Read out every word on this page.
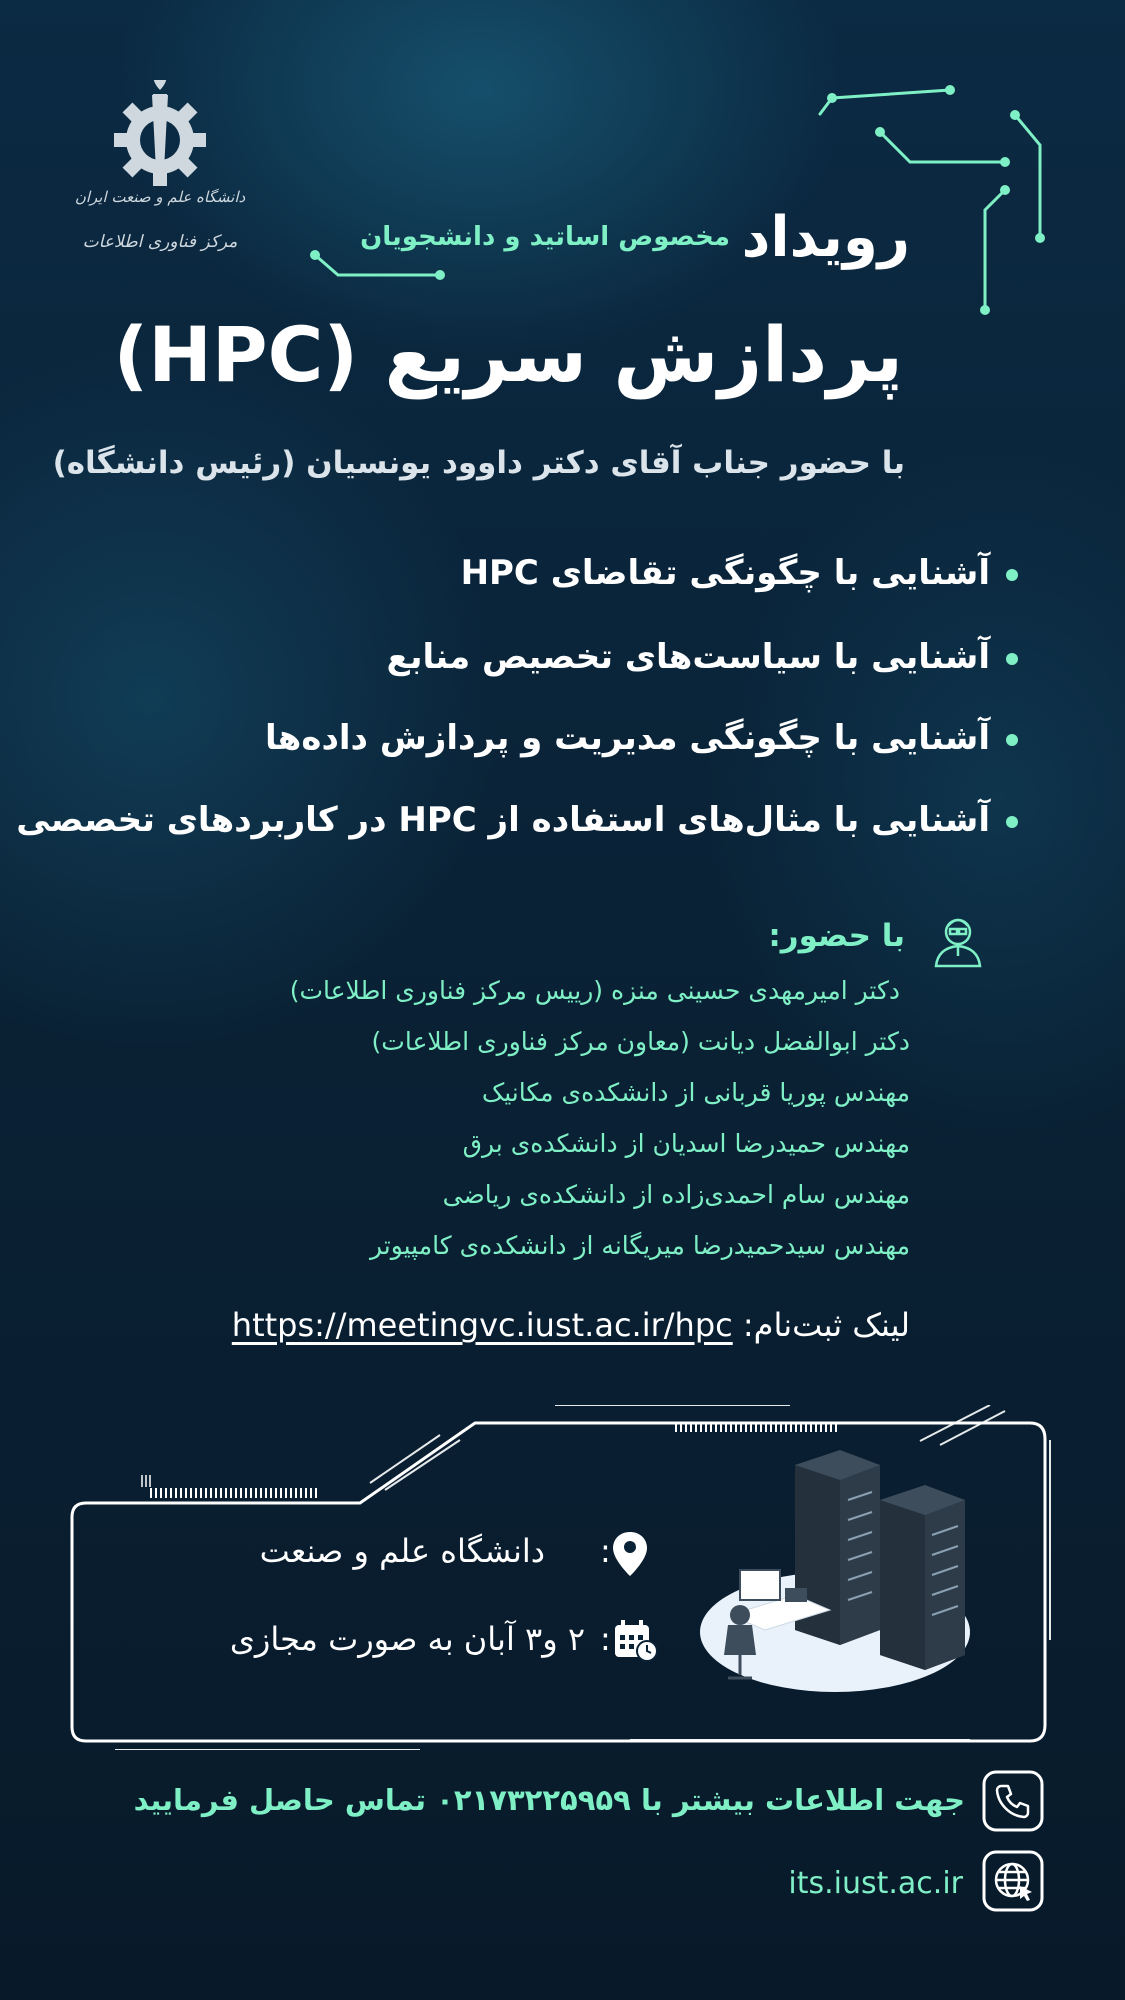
دانشگاه علم و صنعت ایران
مرکز فناوری اطلاعات	رویداد
مخصوص اساتید و دانشجویان
پردازش سریع (HPC)
با حضور جناب آقای دکتر داوود یونسیان (رئیس دانشگاه)
آشنایی با چگونگی تقاضای HPC
آشنایی با سیاست‌های تخصیص منابع
آشنایی با چگونگی مدیریت و پردازش داده‌ها
آشنایی با مثال‌های استفاده از HPC در کاربردهای تخصصی
با حضور:
دکتر امیرمهدی حسینی منزه (رییس مرکز فناوری اطلاعات)
دکتر ابوالفضل دیانت (معاون مرکز فناوری اطلاعات)
مهندس پوریا قربانی از دانشکده‌ی مکانیک
مهندس حمیدرضا اسدیان از دانشکده‌ی برق
مهندس سام احمدی‌زاده از دانشکده‌ی ریاضی
مهندس سیدحمیدرضا میریگانه از دانشکده‌ی کامپیوتر
لینک ثبت‌نام: https://meetingvc.iust.ac.ir/hpc
:
دانشگاه علم و صنعت
:
۲ و۳ آبان به صورت مجازی
جهت اطلاعات بیشتر با ۰۲۱۷۳۲۲۵۹۵۹ تماس حاصل فرمایید
its.iust.ac.ir
